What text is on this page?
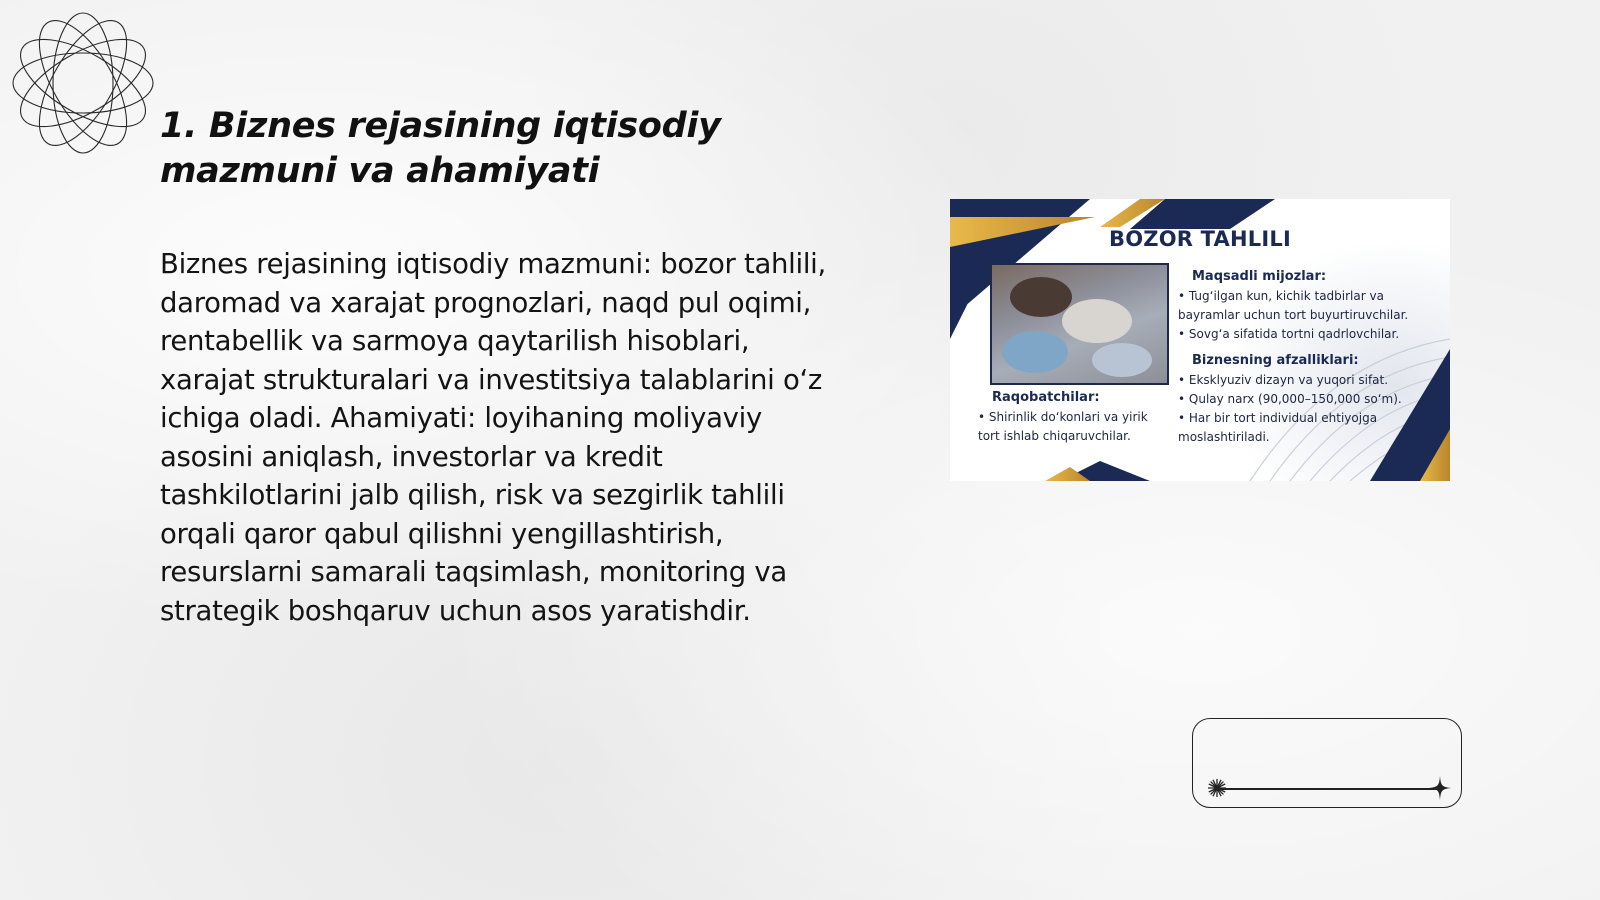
1. Biznes rejasining iqtisodiy mazmuni va ahamiyati

Biznes rejasining iqtisodiy mazmuni: bozor tahlili, daromad va xarajat prognozlari, naqd pul oqimi, rentabellik va sarmoya qaytarilish hisoblari, xarajat strukturalari va investitsiya talablarini o‘z ichiga oladi. Ahamiyati: loyihaning moliyaviy asosini aniqlash, investorlar va kredit tashkilotlarini jalb qilish, risk va sezgirlik tahlili orqali qaror qabul qilishni yengillashtirish, resurslarni samarali taqsimlash, monitoring va strategik boshqaruv uchun asos yaratishdir.

BOZOR TAHLILI
Maqsadli mijozlar:
• Tug‘ilgan kun, kichik tadbirlar va
bayramlar uchun tort buyurtiruvchilar.
• Sovg‘a sifatida tortni qadrlovchilar.
Biznesning afzalliklari:
• Eksklyuziv dizayn va yuqori sifat.
• Qulay narx (90,000–150,000 so‘m).
• Har bir tort individual ehtiyojga
moslashtiriladi.
Raqobatchilar:
• Shirinlik do‘konlari va yirik
tort ishlab chiqaruvchilar.
